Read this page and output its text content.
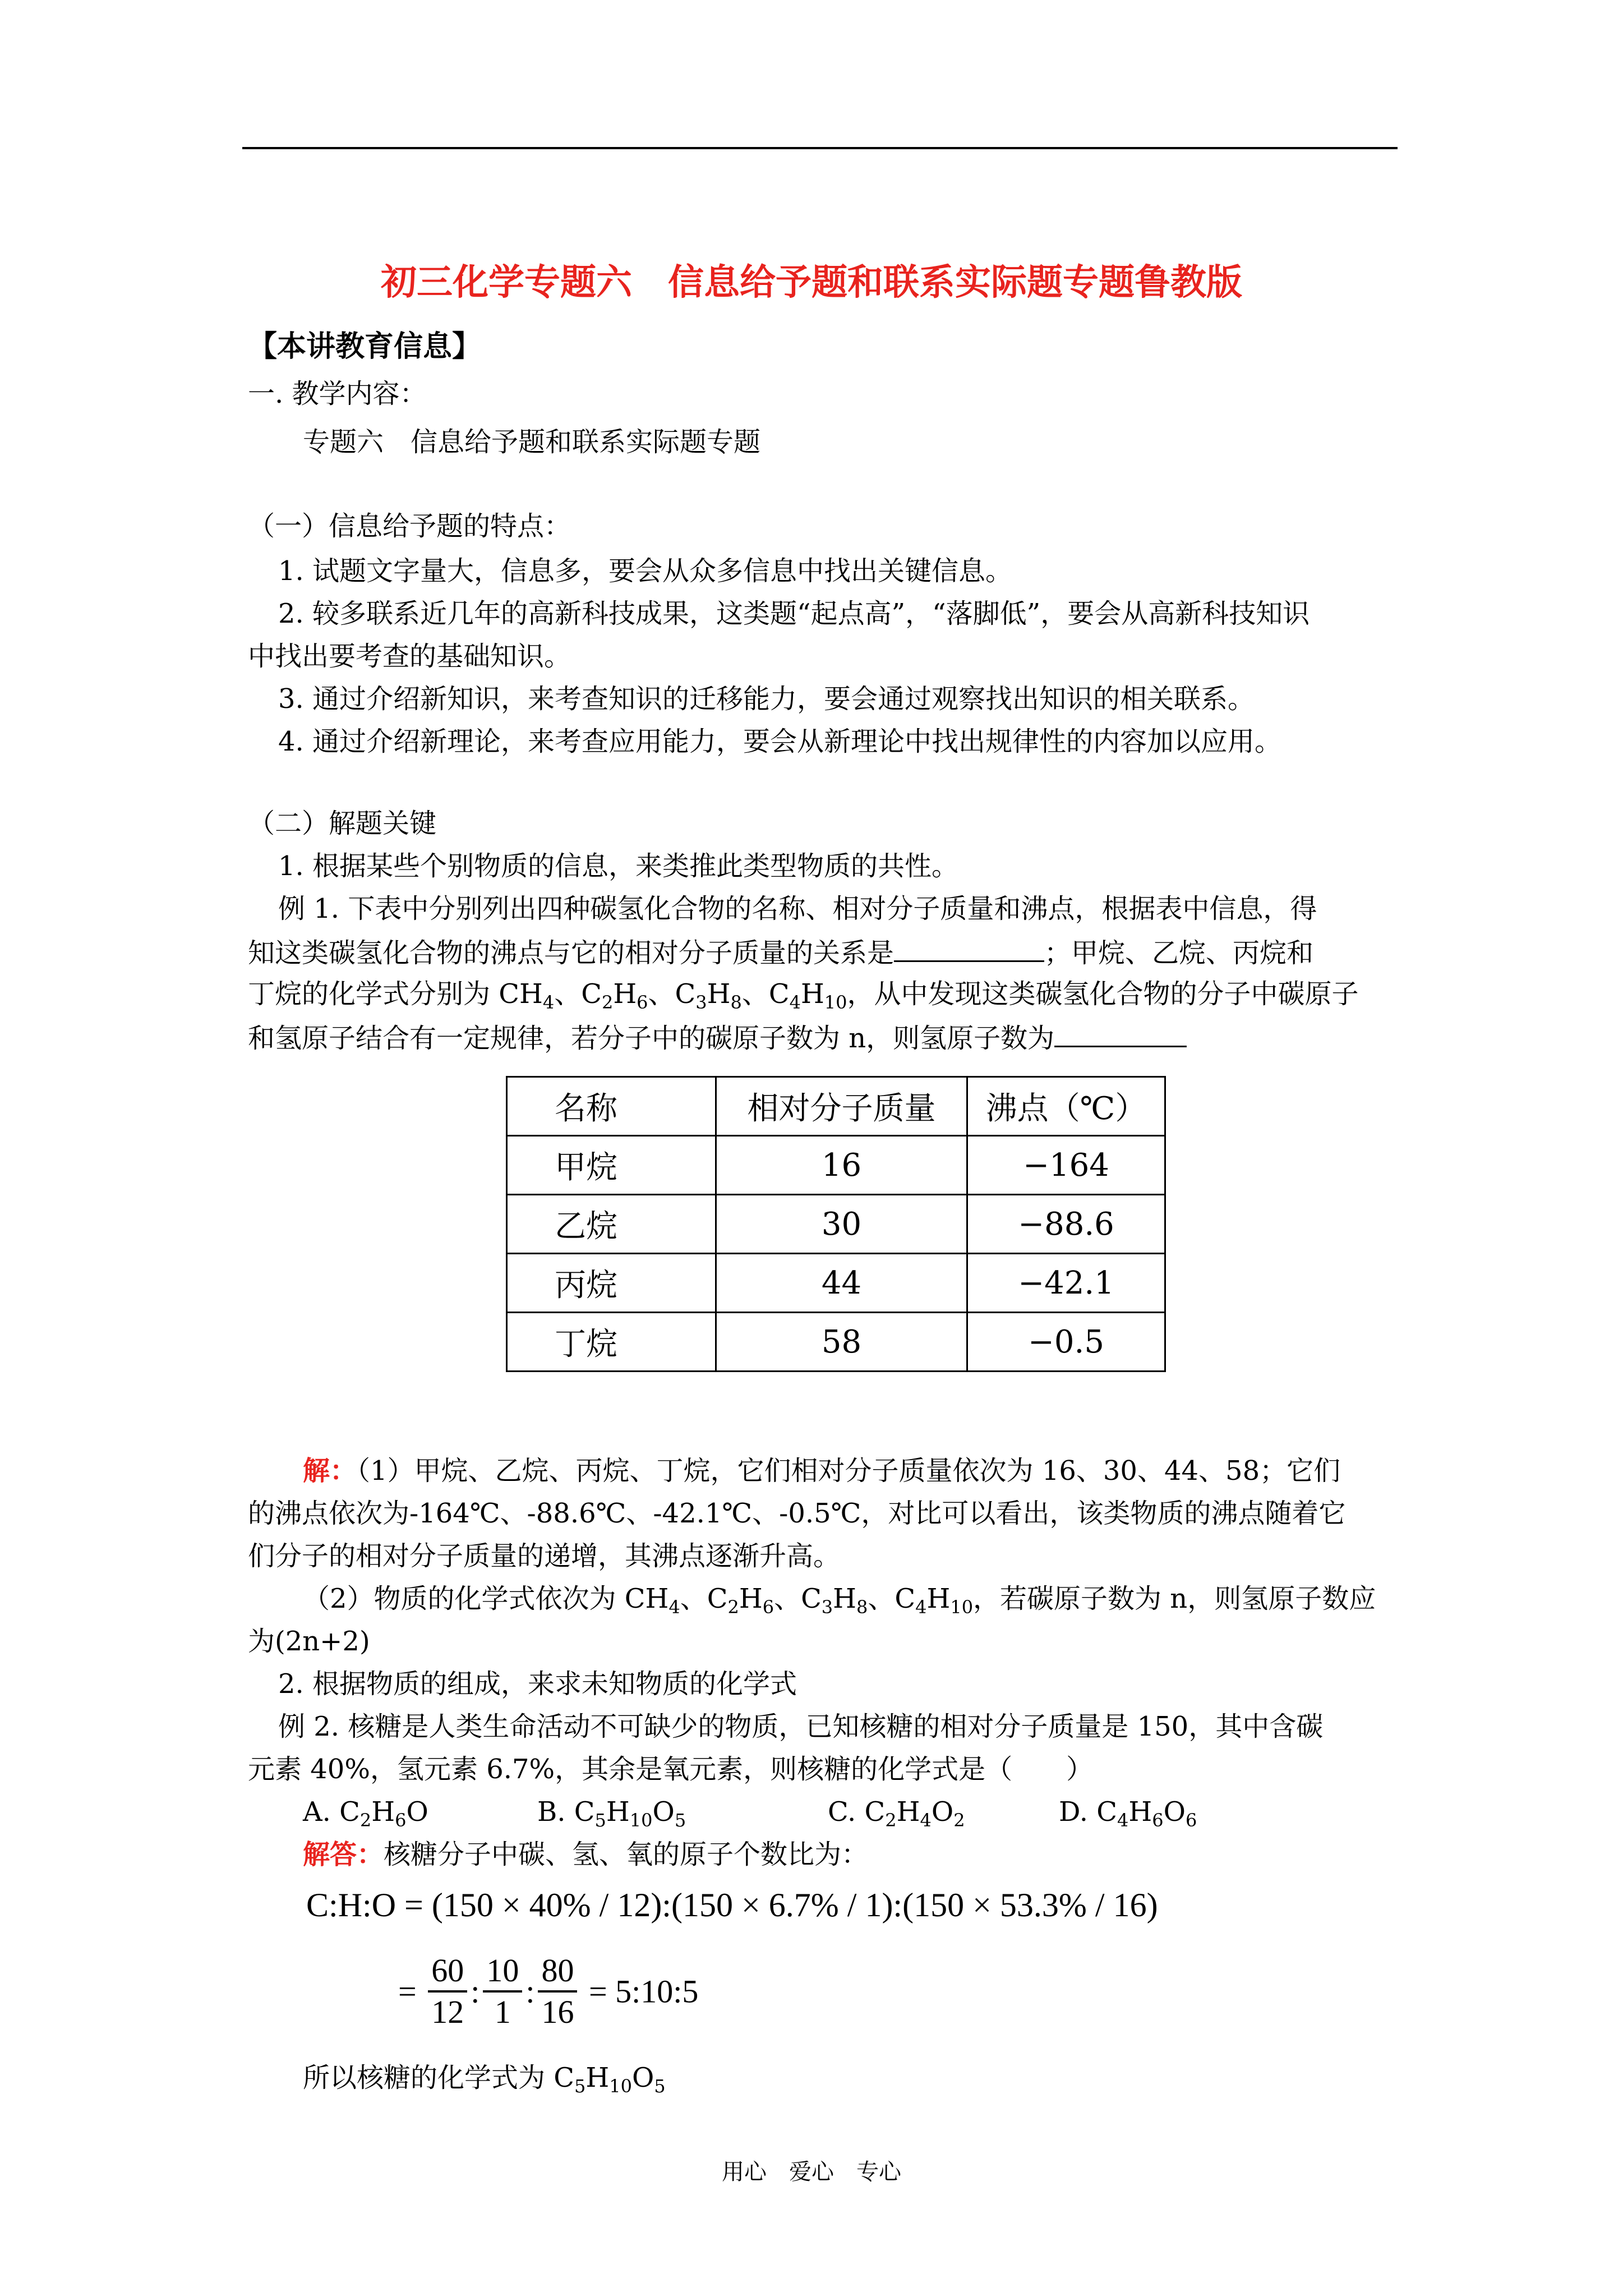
初三化学专题六　信息给予题和联系实际题专题鲁教版
【本讲教育信息】
一. 教学内容：
专题六　信息给予题和联系实际题专题
（一）信息给予题的特点：
1. 试题文字量大，信息多，要会从众多信息中找出关键信息。
2. 较多联系近几年的高新科技成果，这类题“起点高”，“落脚低”，要会从高新科技知识
中找出要考查的基础知识。
3. 通过介绍新知识，来考查知识的迁移能力，要会通过观察找出知识的相关联系。
4. 通过介绍新理论，来考查应用能力，要会从新理论中找出规律性的内容加以应用。
（二）解题关键
1. 根据某些个别物质的信息，来类推此类型物质的共性。
例 1. 下表中分别列出四种碳氢化合物的名称、相对分子质量和沸点，根据表中信息，得
知这类碳氢化合物的沸点与它的相对分子质量的关系是	；甲烷、乙烷、丙烷和
丁烷的化学式分别为 $CH_4$、$C_2H_6$、$C_3H_8$、$C_4H_{10}$，从中发现这类碳氢化合物的分子中碳原子
和氢原子结合有一定规律，若分子中的碳原子数为 n，则氢原子数为
名称	相对分子质量	沸点（℃）
甲烷	16	−164
乙烷	30	−88.6
丙烷	44	−42.1
丁烷	58	−0.5
解：（1）甲烷、乙烷、丙烷、丁烷，它们相对分子质量依次为 16、30、44、58；它们
的沸点依次为-164℃、-88.6℃、-42.1℃、-0.5℃，对比可以看出，该类物质的沸点随着它
们分子的相对分子质量的递增，其沸点逐渐升高。
（2）物质的化学式依次为 $CH_4$、$C_2H_6$、$C_3H_8$、$C_4H_{10}$，若碳原子数为 n，则氢原子数应
为(2n+2)
2. 根据物质的组成，来求未知物质的化学式
例 2. 核糖是人类生命活动不可缺少的物质，已知核糖的相对分子质量是 150，其中含碳
元素 40%，氢元素 6.7%，其余是氧元素，则核糖的化学式是（　　）
A. $C_2H_6O$	B. $C_5H_{10}O_5$	C. $C_2H_4O_2$	D. $C_4H_6O_6$
解答：核糖分子中碳、氢、氧的原子个数比为：
C:H:O = (150 × 40% / 12):(150 × 6.7% / 1):(150 × 53.3% / 16)
= $\frac{60}{12}$ : $\frac{10}{1}$ : $\frac{80}{16}$ = 5:10:5
所以核糖的化学式为 $C_5H_{10}O_5$
用心　爱心　专心
